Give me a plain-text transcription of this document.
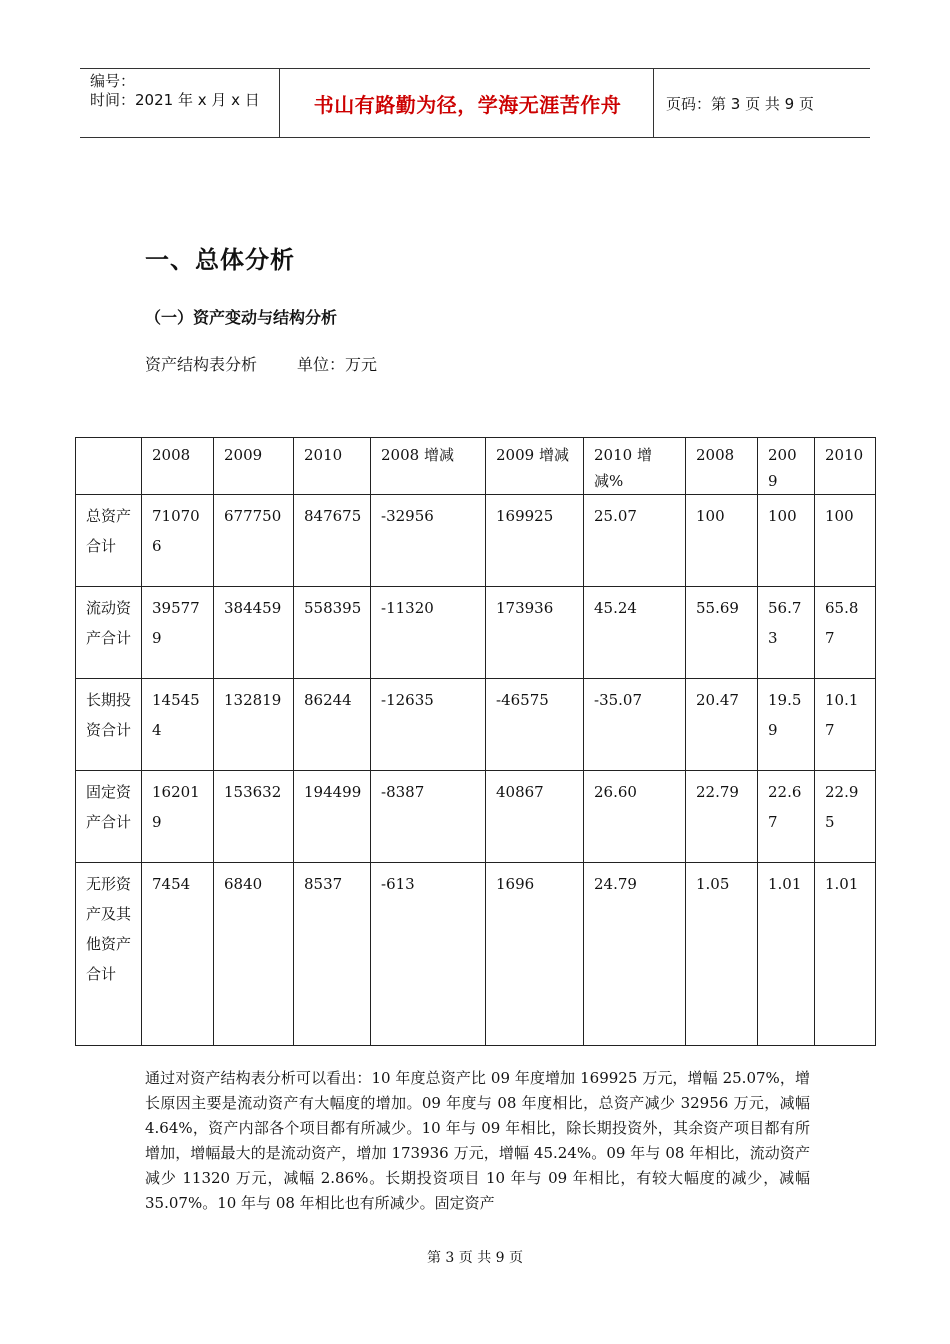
编号：
时间：2021 年 x 月 x 日	书山有路勤为径，学海无涯苦作舟	页码：第 3 页 共 9 页
一、总体分析
（一）资产变动与结构分析
资产结构表分析	单位：万元
	2008	2009	2010	2008 增减	2009 增减	2010 增减%	2008	2009	2010
总资产合计	710706	677750	847675	-32956	169925	25.07	100	100	100
流动资产合计	395779	384459	558395	-11320	173936	45.24	55.69	56.73	65.87
长期投资合计	145454	132819	86244	-12635	-46575	-35.07	20.47	19.59	10.17
固定资产合计	162019	153632	194499	-8387	40867	26.60	22.79	22.67	22.95
无形资产及其他资产合计	7454	6840	8537	-613	1696	24.79	1.05	1.01	1.01
通过对资产结构表分析可以看出：10 年度总资产比 09 年度增加 169925 万元，增幅 25.07%，增长原因主要是流动资产有大幅度的增加。09 年度与 08 年度相比，总资产减少 32956 万元，减幅 4.64%，资产内部各个项目都有所减少。10 年与 09 年相比，除长期投资外，其余资产项目都有所增加，增幅最大的是流动资产，增加 173936 万元，增幅 45.24%。09 年与 08 年相比，流动资产减少 11320 万元，减幅 2.86%。长期投资项目 10 年与 09 年相比，有较大幅度的减少，减幅 35.07%。10 年与 08 年相比也有所减少。固定资产
第 3 页 共 9 页
